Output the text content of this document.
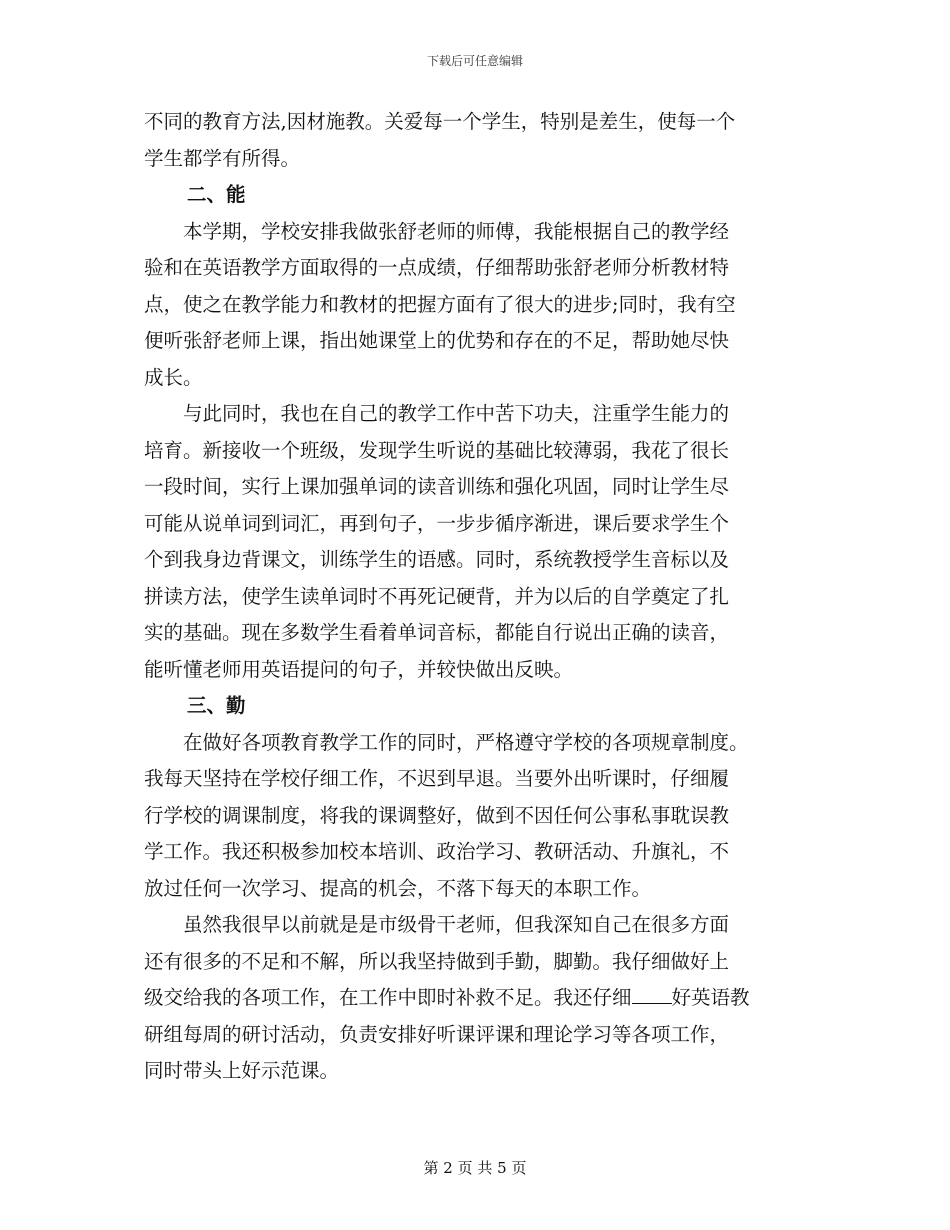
下载后可任意编辑

不同的教育方法,因材施教。关爱每一个学生，特别是差生，使每一个
学生都学有所得。

二、能

本学期，学校安排我做张舒老师的师傅，我能根据自己的教学经
验和在英语教学方面取得的一点成绩，仔细帮助张舒老师分析教材特
点，使之在教学能力和教材的把握方面有了很大的进步;同时，我有空
便听张舒老师上课，指出她课堂上的优势和存在的不足，帮助她尽快
成长。

与此同时，我也在自己的教学工作中苦下功夫，注重学生能力的
培育。新接收一个班级，发现学生听说的基础比较薄弱，我花了很长
一段时间，实行上课加强单词的读音训练和强化巩固，同时让学生尽
可能从说单词到词汇，再到句子，一步步循序渐进，课后要求学生个
个到我身边背课文，训练学生的语感。同时，系统教授学生音标以及
拼读方法，使学生读单词时不再死记硬背，并为以后的自学奠定了扎
实的基础。现在多数学生看着单词音标，都能自行说出正确的读音，
能听懂老师用英语提问的句子，并较快做出反映。

三、勤

在做好各项教育教学工作的同时，严格遵守学校的各项规章制度。
我每天坚持在学校仔细工作，不迟到早退。当要外出听课时，仔细履
行学校的调课制度，将我的课调整好，做到不因任何公事私事耽误教
学工作。我还积极参加校本培训、政治学习、教研活动、升旗礼，不
放过任何一次学习、提高的机会，不落下每天的本职工作。

虽然我很早以前就是是市级骨干老师，但我深知自己在很多方面
还有很多的不足和不解，所以我坚持做到手勤，脚勤。我仔细做好上
级交给我的各项工作，在工作中即时补救不足。我还仔细 好英语教
研组每周的研讨活动，负责安排好听课评课和理论学习等各项工作，
同时带头上好示范课。

第 2 页 共 5 页
